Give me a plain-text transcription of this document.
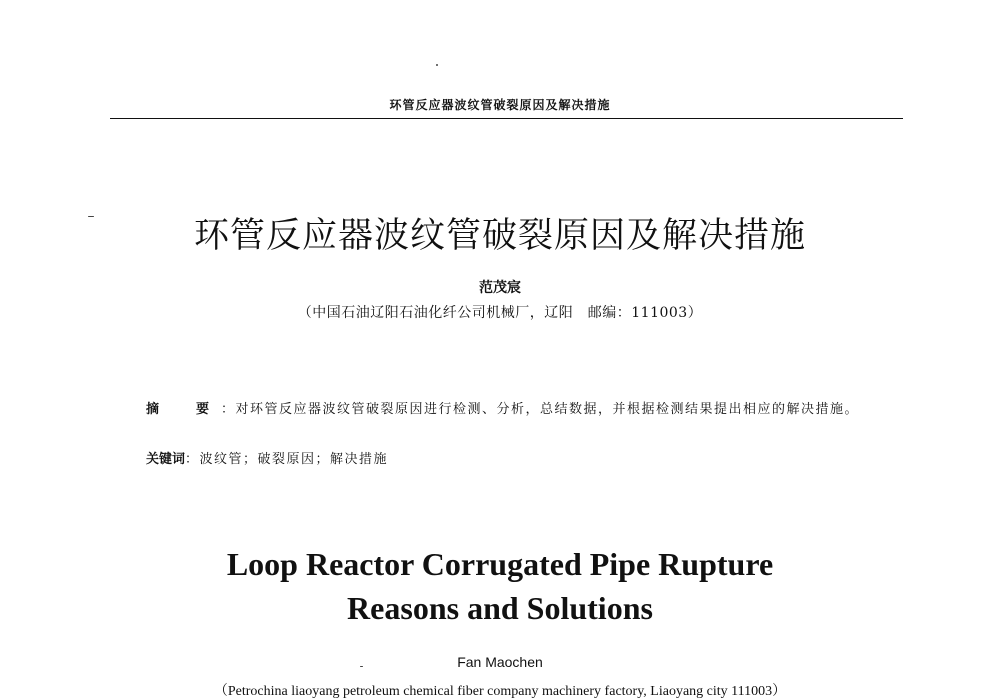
环管反应器波纹管破裂原因及解决措施
环管反应器波纹管破裂原因及解决措施
范茂宸
（中国石油辽阳石油化纤公司机械厂，辽阳　邮编：111003）
摘　要：对环管反应器波纹管破裂原因进行检测、分析，总结数据，并根据检测结果提出相应的解决措施。
关键词：波纹管；破裂原因；解决措施
Loop Reactor Corrugated Pipe Rupture
Reasons and Solutions
Fan Maochen
（Petrochina liaoyang petroleum chemical fiber company machinery factory, Liaoyang city 111003）
